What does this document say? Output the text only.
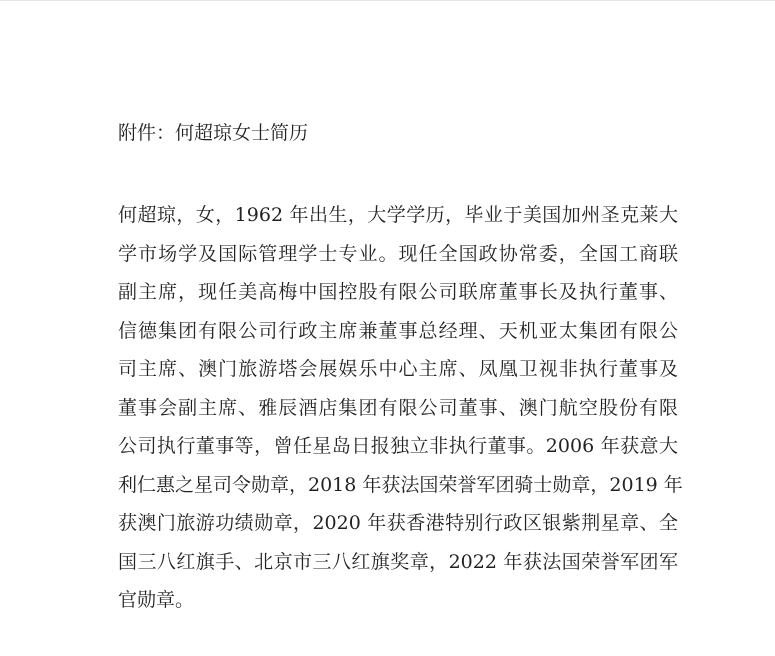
附件：何超琼女士简历
何超琼，女，1962 年出生，大学学历，毕业于美国加州圣克莱大
学市场学及国际管理学士专业。现任全国政协常委，全国工商联
副主席，现任美高梅中国控股有限公司联席董事长及执行董事、
信德集团有限公司行政主席兼董事总经理、天机亚太集团有限公
司主席、澳门旅游塔会展娱乐中心主席、凤凰卫视非执行董事及
董事会副主席、雅辰酒店集团有限公司董事、澳门航空股份有限
公司执行董事等，曾任星岛日报独立非执行董事。2006 年获意大
利仁惠之星司令勋章，2018 年获法国荣誉军团骑士勋章，2019 年
获澳门旅游功绩勋章，2020 年获香港特别行政区银紫荆星章、全
国三八红旗手、北京市三八红旗奖章，2022 年获法国荣誉军团军
官勋章。
